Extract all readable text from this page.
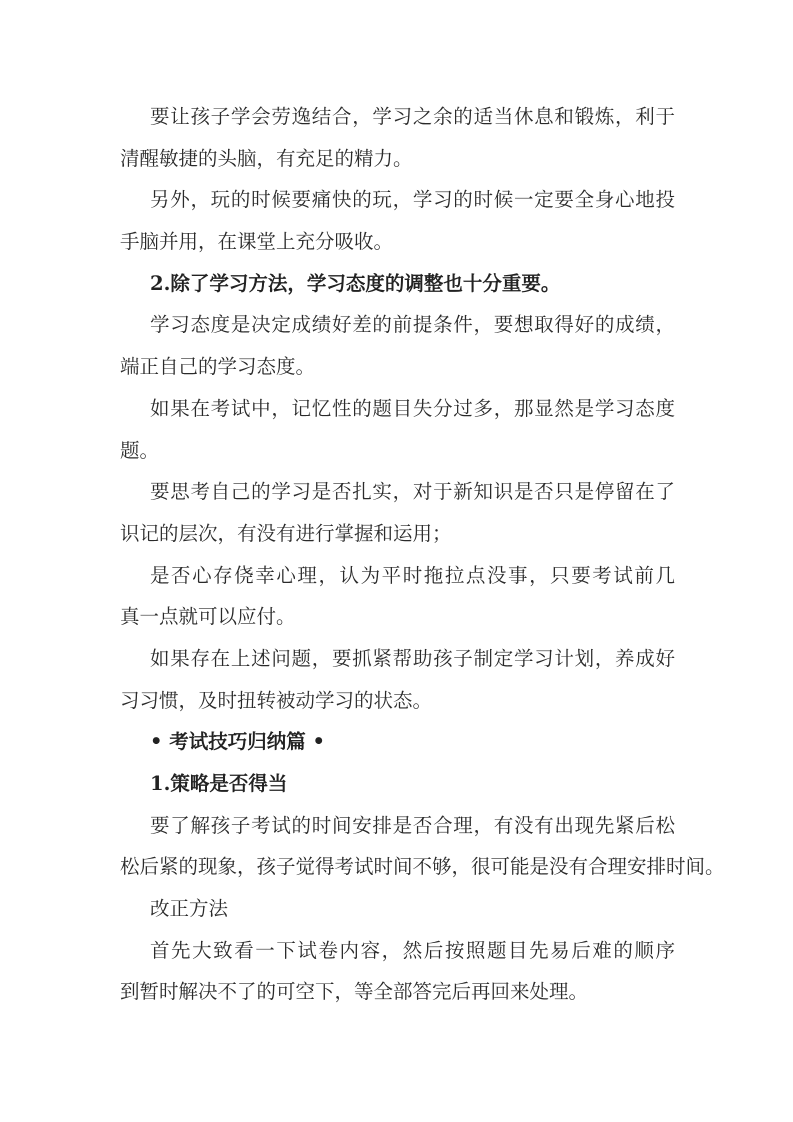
要让孩子学会劳逸结合，学习之余的适当休息和锻炼，利于
清醒敏捷的头脑，有充足的精力。
另外，玩的时候要痛快的玩，学习的时候一定要全身心地投
手脑并用，在课堂上充分吸收。
2.除了学习方法，学习态度的调整也十分重要。
学习态度是决定成绩好差的前提条件，要想取得好的成绩，
端正自己的学习态度。
如果在考试中，记忆性的题目失分过多，那显然是学习态度
题。
要思考自己的学习是否扎实，对于新知识是否只是停留在了
识记的层次，有没有进行掌握和运用；
是否心存侥幸心理，认为平时拖拉点没事，只要考试前几
真一点就可以应付。
如果存在上述问题，要抓紧帮助孩子制定学习计划，养成好
习习惯，及时扭转被动学习的状态。
• 考试技巧归纳篇 •
1.策略是否得当
要了解孩子考试的时间安排是否合理，有没有出现先紧后松
松后紧的现象，孩子觉得考试时间不够，很可能是没有合理安排时间。
改正方法
首先大致看一下试卷内容，然后按照题目先易后难的顺序
到暂时解决不了的可空下，等全部答完后再回来处理。
